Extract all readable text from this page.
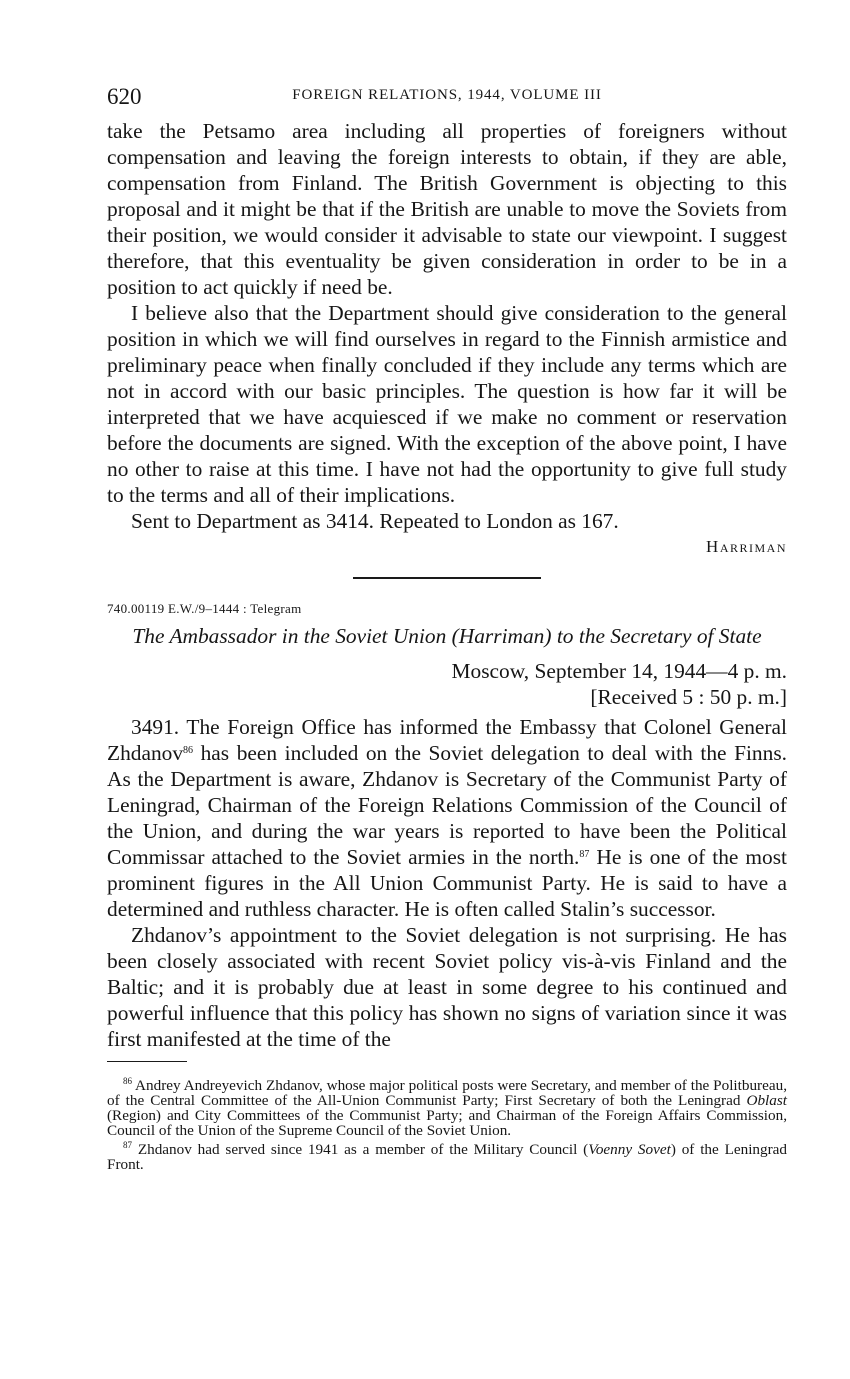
620	FOREIGN RELATIONS, 1944, VOLUME III

take the Petsamo area including all properties of foreigners without compensation and leaving the foreign interests to obtain, if they are able, compensation from Finland. The British Government is objecting to this proposal and it might be that if the British are unable to move the Soviets from their position, we would consider it advisable to state our viewpoint. I suggest therefore, that this eventuality be given consideration in order to be in a position to act quickly if need be.

I believe also that the Department should give consideration to the general position in which we will find ourselves in regard to the Finnish armistice and preliminary peace when finally concluded if they include any terms which are not in accord with our basic principles. The question is how far it will be interpreted that we have acquiesced if we make no comment or reservation before the documents are signed. With the exception of the above point, I have no other to raise at this time. I have not had the opportunity to give full study to the terms and all of their implications.

Sent to Department as 3414. Repeated to London as 167.

Harriman
740.00119 E.W./9–1444 : Telegram
The Ambassador in the Soviet Union (Harriman) to the Secretary of State
Moscow, September 14, 1944—4 p. m.
[Received 5 : 50 p. m.]

3491. The Foreign Office has informed the Embassy that Colonel General Zhdanov$^{86}$ has been included on the Soviet delegation to deal with the Finns. As the Department is aware, Zhdanov is Secretary of the Communist Party of Leningrad, Chairman of the Foreign Relations Commission of the Council of the Union, and during the war years is reported to have been the Political Commissar attached to the Soviet armies in the north.$^{87}$ He is one of the most prominent figures in the All Union Communist Party. He is said to have a determined and ruthless character. He is often called Stalin’s successor.

Zhdanov’s appointment to the Soviet delegation is not surprising. He has been closely associated with recent Soviet policy vis-à-vis Finland and the Baltic; and it is probably due at least in some degree to his continued and powerful influence that this policy has shown no signs of variation since it was first manifested at the time of the

$^{86}$ Andrey Andreyevich Zhdanov, whose major political posts were Secretary, and member of the Politbureau, of the Central Committee of the All-Union Communist Party; First Secretary of both the Leningrad Oblast (Region) and City Committees of the Communist Party; and Chairman of the Foreign Affairs Commission, Council of the Union of the Supreme Council of the Soviet Union.

$^{87}$ Zhdanov had served since 1941 as a member of the Military Council (Voenny Sovet) of the Leningrad Front.
